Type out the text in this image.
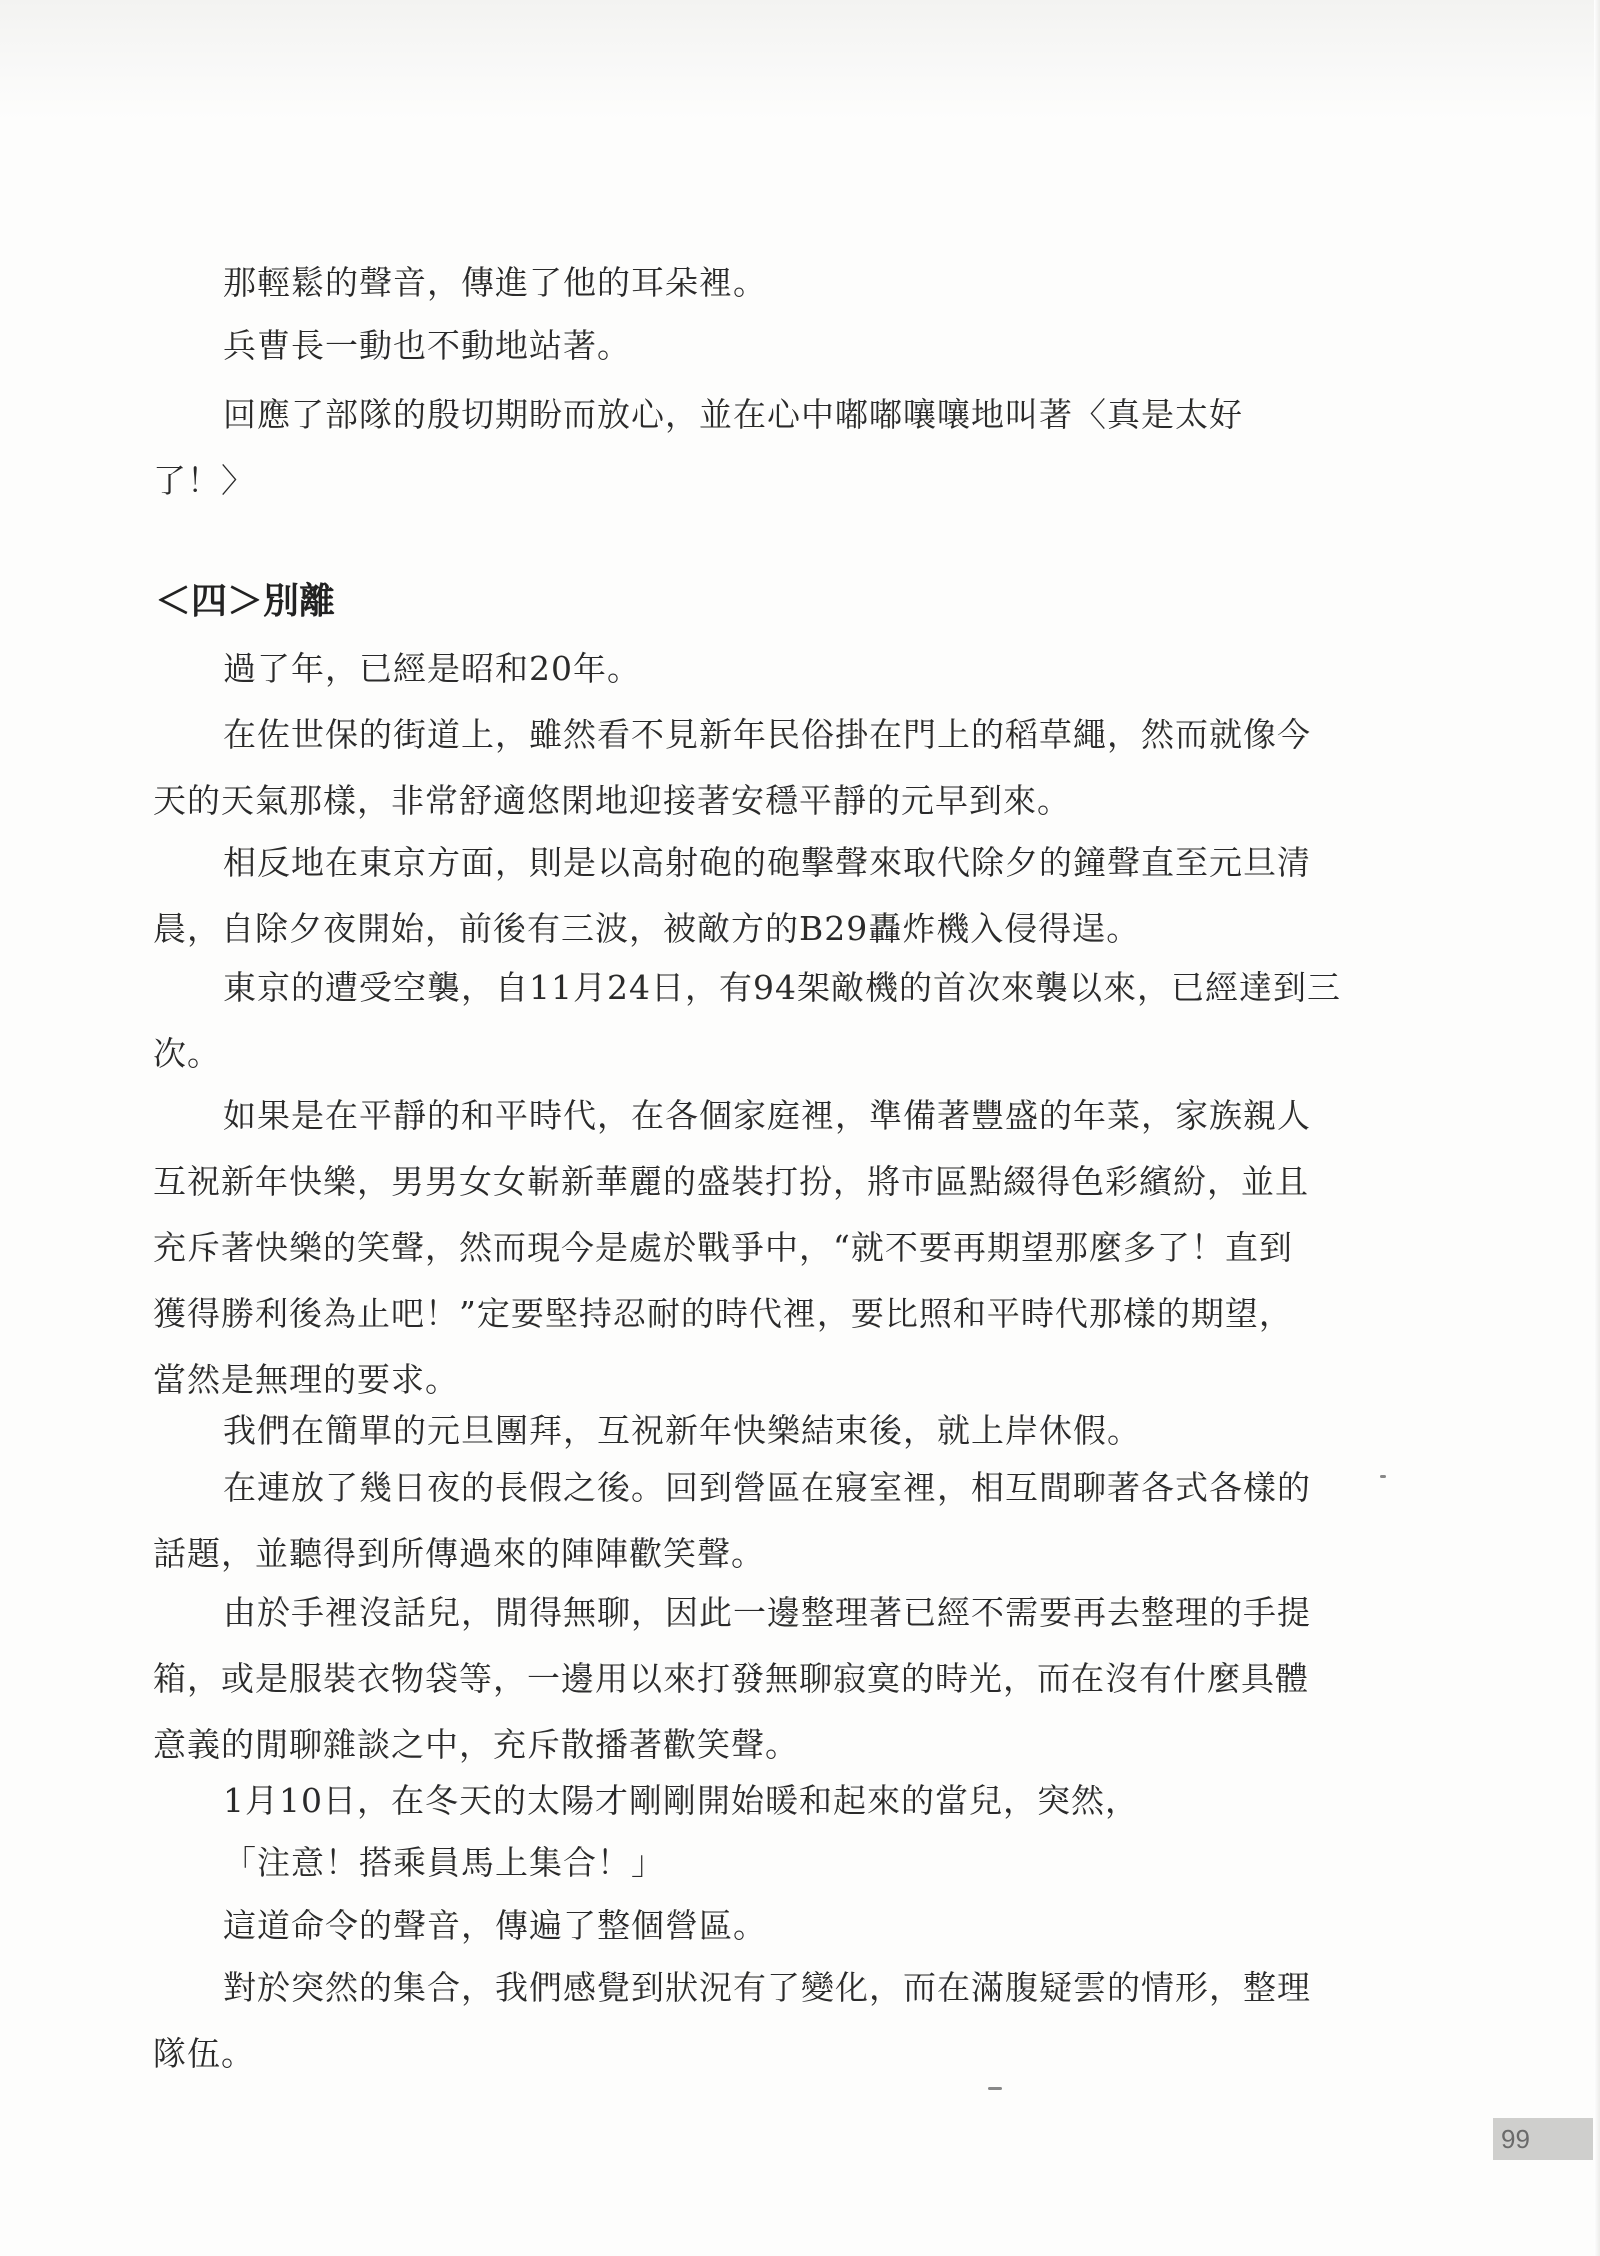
那輕鬆的聲音，傳進了他的耳朵裡。

兵曹長一動也不動地站著。

回應了部隊的殷切期盼而放心，並在心中嘟嘟嚷嚷地叫著〈真是太好
了！〉

＜四＞別離

過了年，已經是昭和20年。

在佐世保的街道上，雖然看不見新年民俗掛在門上的稻草繩，然而就像今
天的天氣那樣，非常舒適悠閑地迎接著安穩平靜的元早到來。

相反地在東京方面，則是以高射砲的砲擊聲來取代除夕的鐘聲直至元旦清
晨，自除夕夜開始，前後有三波，被敵方的B29轟炸機入侵得逞。

東京的遭受空襲，自11月24日，有94架敵機的首次來襲以來，已經達到三
次。

如果是在平靜的和平時代，在各個家庭裡，準備著豐盛的年菜，家族親人
互祝新年快樂，男男女女嶄新華麗的盛裝打扮，將市區點綴得色彩繽紛，並且
充斥著快樂的笑聲，然而現今是處於戰爭中，“就不要再期望那麼多了！直到
獲得勝利後為止吧！”定要堅持忍耐的時代裡，要比照和平時代那樣的期望，
當然是無理的要求。

我們在簡單的元旦團拜，互祝新年快樂結束後，就上岸休假。

在連放了幾日夜的長假之後。回到營區在寢室裡，相互間聊著各式各樣的
話題，並聽得到所傳過來的陣陣歡笑聲。

由於手裡沒話兒，閒得無聊，因此一邊整理著已經不需要再去整理的手提
箱，或是服裝衣物袋等，一邊用以來打發無聊寂寞的時光，而在沒有什麼具體
意義的閒聊雜談之中，充斥散播著歡笑聲。

1月10日，在冬天的太陽才剛剛開始暖和起來的當兒，突然，

「注意！搭乘員馬上集合！」

這道命令的聲音，傳遍了整個營區。

對於突然的集合，我們感覺到狀況有了變化，而在滿腹疑雲的情形，整理
隊伍。

99
